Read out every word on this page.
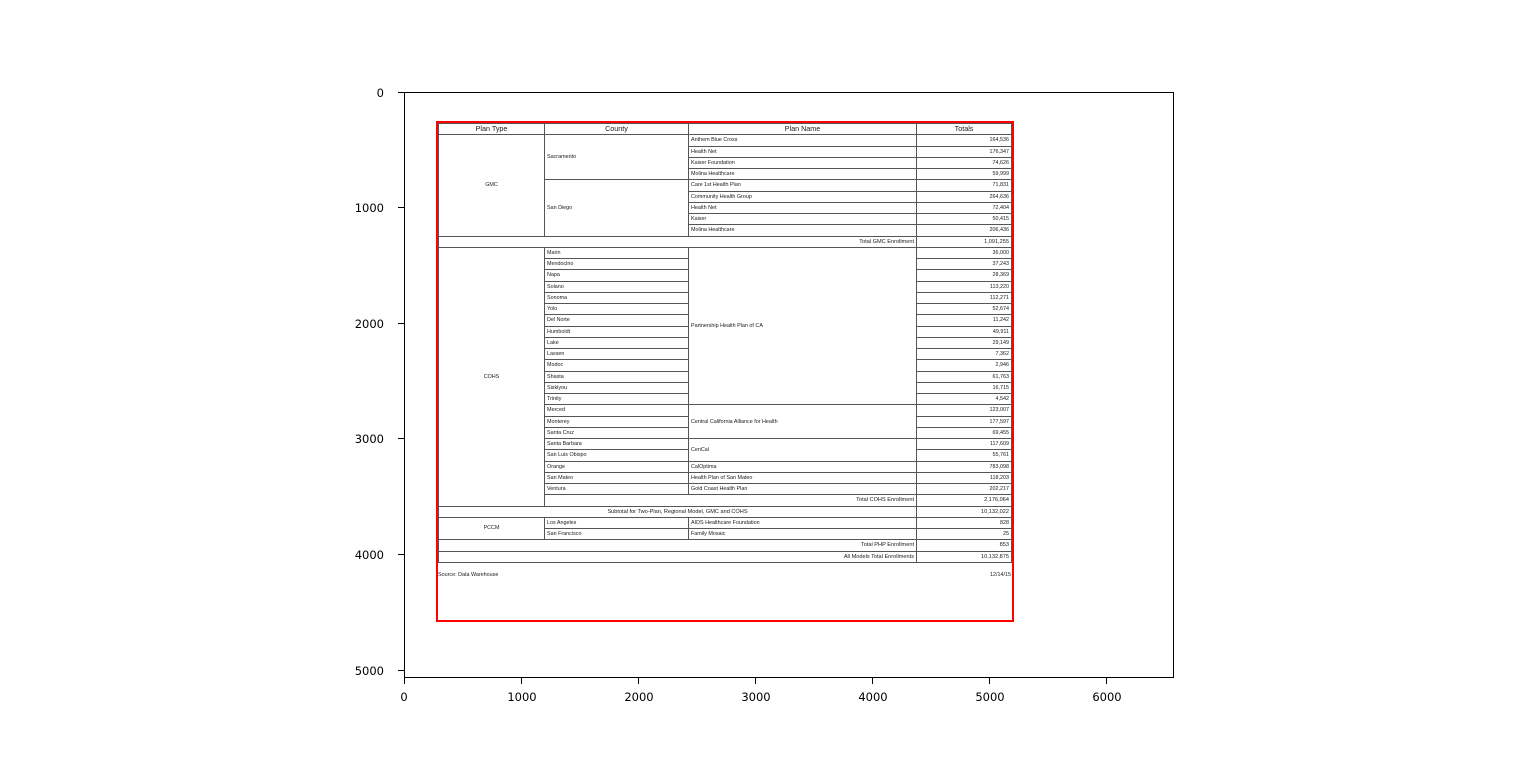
0
1000
2000
3000
4000
5000
0	1000	2000	3000	4000	5000	6000
Plan Type	County	Plan Name	Totals
GMC	Sacramento	Anthem Blue Cross	164,536
		Health Net	176,347
		Kaiser Foundation	74,626
		Molina Healthcare	59,999
	San Diego	Care 1st Health Plan	71,831
		Community Health Group	264,636
		Health Net	72,404
		Kaiser	50,415
		Molina Healthcare	206,436
Total GMC Enrollment			1,091,255
COHS	Marin	Partnership Health Plan of CA	36,000
	Mendocino		37,243
	Napa		28,369
	Solano		113,220
	Sonoma		112,271
	Yolo		52,674
	Del Norte		11,242
	Humboldt		49,911
	Lake		29,149
	Lassen		7,362
	Modoc		2,946
	Shasta		61,763
	Siskiyou		16,715
	Trinity		4,542
	Merced	Central California Alliance for Health	123,007
	Monterey		177,597
	Santa Cruz		69,455
	Santa Barbara	CenCal	117,609
	San Luis Obispo		55,761
	Orange	CalOptima	783,098
	San Mateo	Health Plan of San Mateo	118,203
	Ventura	Gold Coast Health Plan	202,217
	Total COHS Enrollment		2,176,064
Subtotal for Two-Plan, Regional Model, GMC and COHS			10,132,022
PCCM	Los Angeles	AIDS Healthcare Foundation	828
	San Francisco	Family Mosaic	25
Total PHP Enrollment			853
All Models Total Enrollments			10,132,875
Source: Data Warehouse	12/14/15
